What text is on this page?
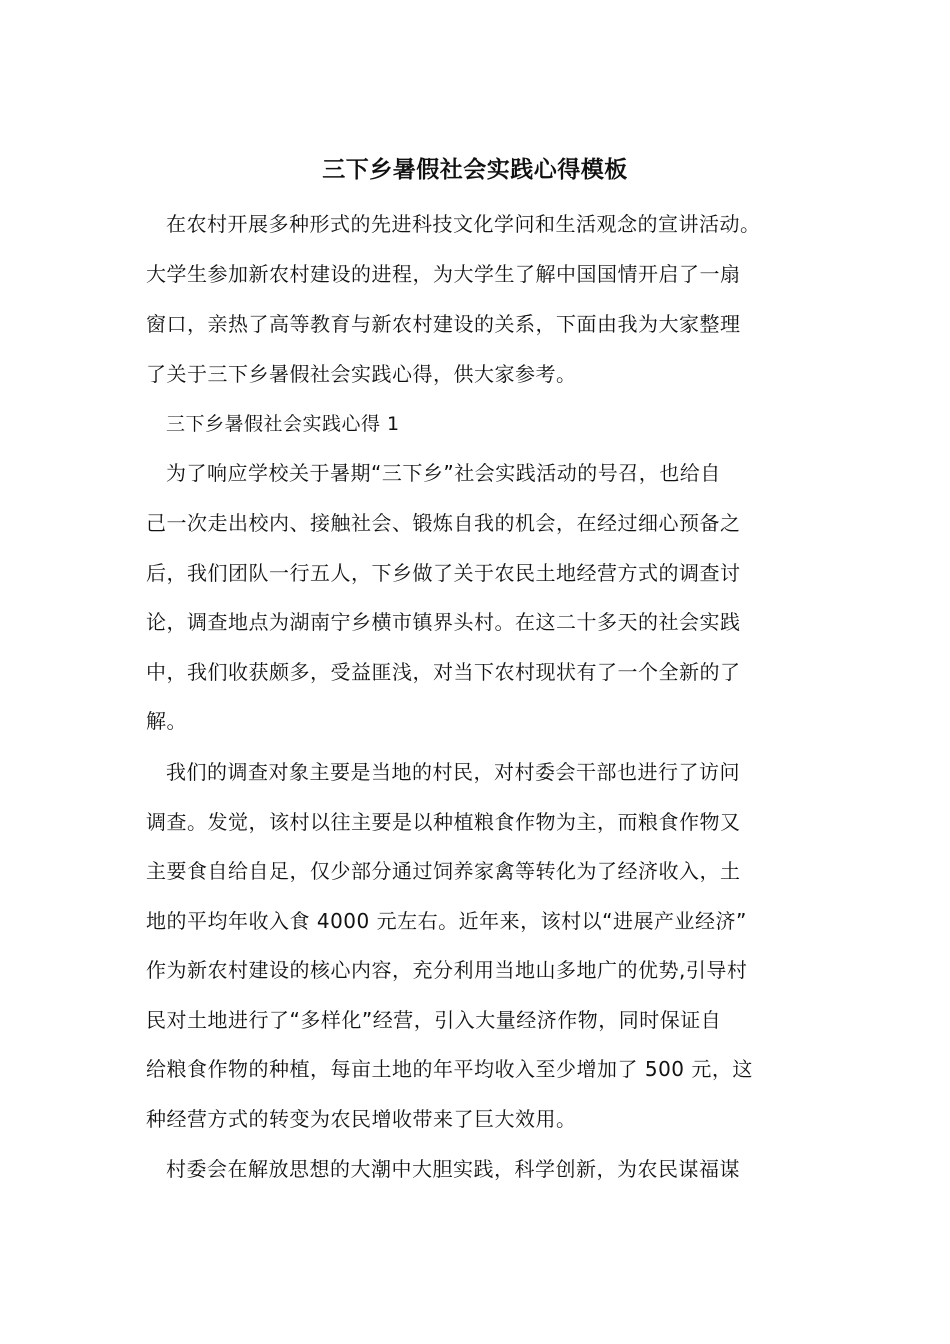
三下乡暑假社会实践心得模板
在农村开展多种形式的先进科技文化学问和生活观念的宣讲活动。
大学生参加新农村建设的进程，为大学生了解中国国情开启了一扇
窗口，亲热了高等教育与新农村建设的关系，下面由我为大家整理
了关于三下乡暑假社会实践心得，供大家参考。
三下乡暑假社会实践心得 1
为了响应学校关于暑期“三下乡”社会实践活动的号召，也给自
己一次走出校内、接触社会、锻炼自我的机会，在经过细心预备之
后，我们团队一行五人，下乡做了关于农民土地经营方式的调查讨
论，调查地点为湖南宁乡横市镇界头村。在这二十多天的社会实践
中，我们收获颇多，受益匪浅，对当下农村现状有了一个全新的了
解。
我们的调查对象主要是当地的村民，对村委会干部也进行了访问
调查。发觉，该村以往主要是以种植粮食作物为主，而粮食作物又
主要食自给自足，仅少部分通过饲养家禽等转化为了经济收入，土
地的平均年收入食 4000 元左右。近年来，该村以“进展产业经济”
作为新农村建设的核心内容，充分利用当地山多地广的优势,引导村
民对土地进行了“多样化”经营，引入大量经济作物，同时保证自
给粮食作物的种植，每亩土地的年平均收入至少增加了 500 元，这
种经营方式的转变为农民增收带来了巨大效用。
村委会在解放思想的大潮中大胆实践，科学创新，为农民谋福谋
